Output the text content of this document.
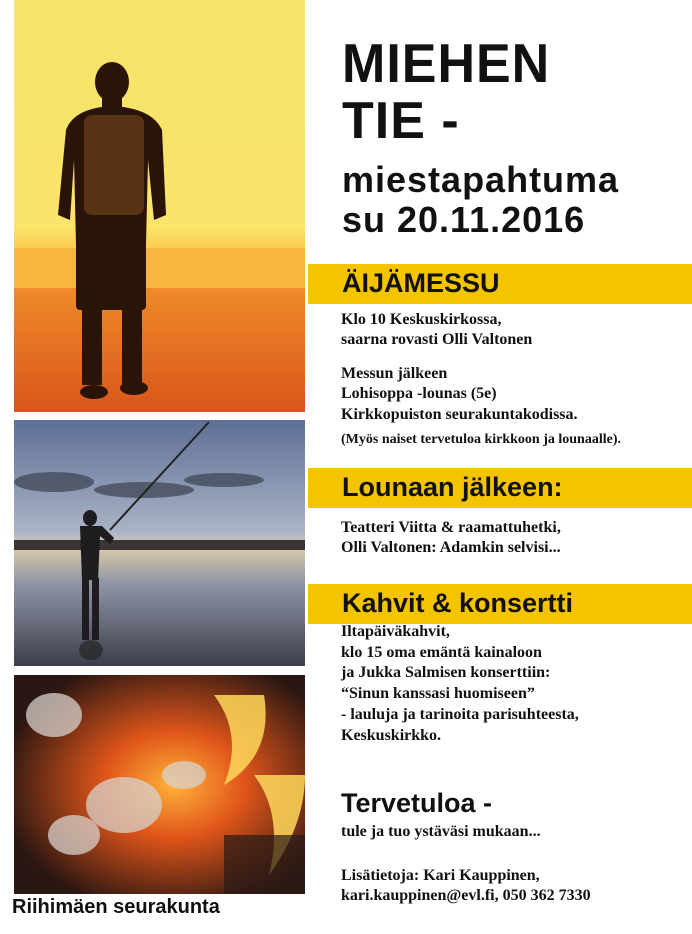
MIEHEN
TIE -
miestapahtuma
su 20.11.2016
ÄIJÄMESSU
Klo 10 Keskuskirkossa,
saarna rovasti Olli Valtonen
Messun jälkeen
Lohisoppa -lounas (5e)
Kirkkopuiston seurakuntakodissa.
(Myös naiset tervetuloa kirkkoon ja lounaalle).
Lounaan jälkeen:
Teatteri Viitta & raamattuhetki,
Olli Valtonen: Adamkin selvisi...
Kahvit & konsertti
Iltapäiväkahvit,
klo 15 oma emäntä kainaloon
ja Jukka Salmisen konserttiin:
“Sinun kanssasi huomiseen”
- lauluja ja tarinoita parisuhteesta,
Keskuskirkko.
Tervetuloa -
tule ja tuo ystäväsi mukaan...
Lisätietoja: Kari Kauppinen,
kari.kauppinen@evl.fi, 050 362 7330
Riihimäen seurakunta
